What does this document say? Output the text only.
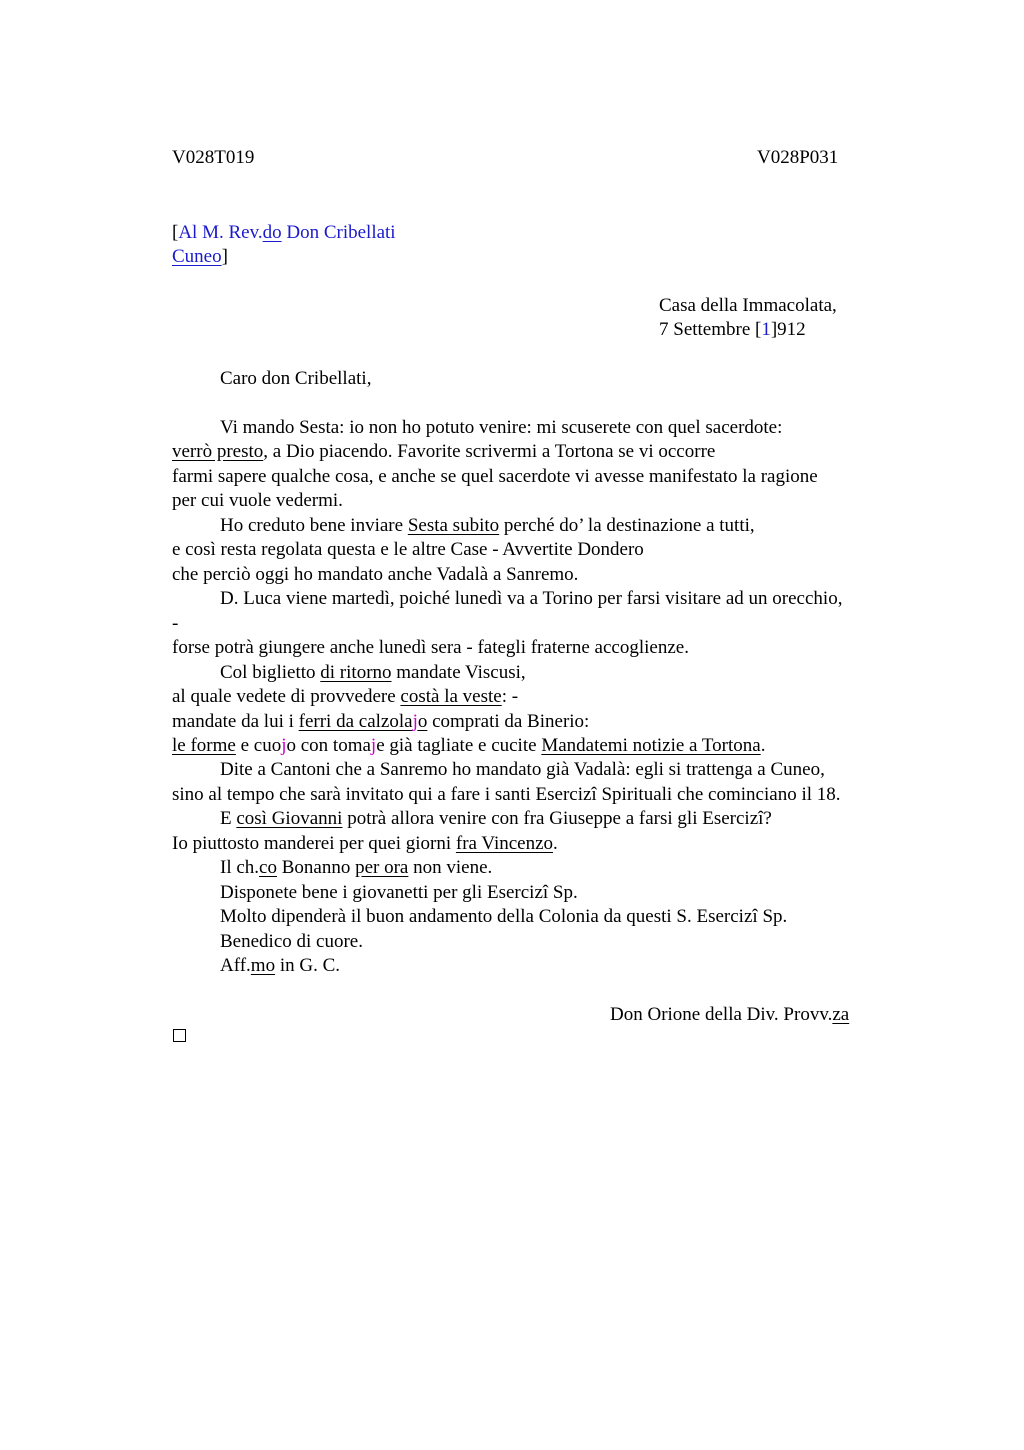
V028T019	V028P031
[Al M. Rev.do Don Cribellati
Cuneo]
Casa della Immacolata,
7 Settembre [1]912
Caro don Cribellati,
Vi mando Sesta: io non ho potuto venire: mi scuserete con quel sacerdote:
verrò presto, a Dio piacendo. Favorite scrivermi a Tortona se vi occorre
farmi sapere qualche cosa, e anche se quel sacerdote vi avesse manifestato la ragione
per cui vuole vedermi.
Ho creduto bene inviare Sesta subito perché do’ la destinazione a tutti,
e così resta regolata questa e le altre Case - Avvertite Dondero
che perciò oggi ho mandato anche Vadalà a Sanremo.
D. Luca viene martedì, poiché lunedì va a Torino per farsi visitare ad un orecchio,
-
forse potrà giungere anche lunedì sera - fategli fraterne accoglienze.
Col biglietto di ritorno mandate Viscusi,
al quale vedete di provvedere costà la veste: -
mandate da lui i ferri da calzolajo comprati da Binerio:
le forme e cuojo con tomaje già tagliate e cucite Mandatemi notizie a Tortona.
Dite a Cantoni che a Sanremo ho mandato già Vadalà: egli si trattenga a Cuneo,
sino al tempo che sarà invitato qui a fare i santi Esercizi Spirituali che cominciano il 18.
E così Giovanni potrà allora venire con fra Giuseppe a farsi gli Esercizi?
Io piuttosto manderei per quei giorni fra Vincenzo.
Il ch.co Bonanno per ora non viene.
Disponete bene i giovanetti per gli Esercizi Sp.
Molto dipenderà il buon andamento della Colonia da questi S. Esercizi Sp.
Benedico di cuore.
Aff.mo in G. C.
Don Orione della Div. Provv.za
